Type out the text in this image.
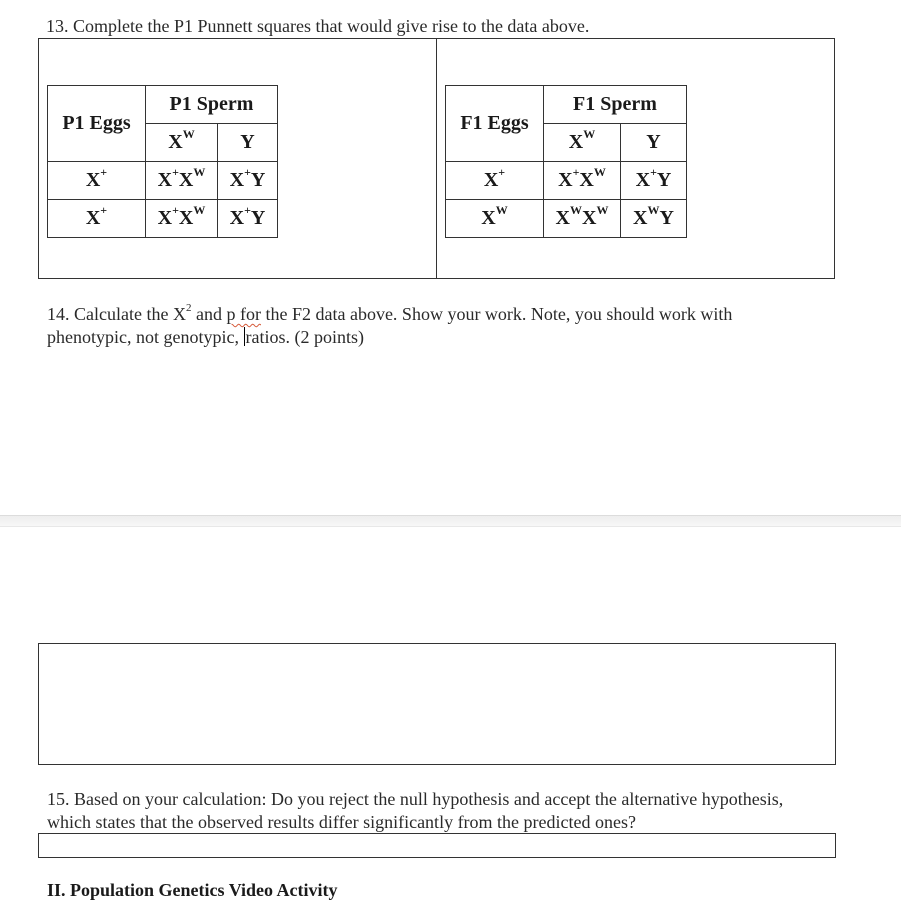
13. Complete the P1 Punnett squares that would give rise to the data above.
P1 Eggs	P1 Sperm	
	$X^W$	Y
X+	$X^+X^W$	X+Y
X+	$X^+X^W$	X+Y
F1 Eggs	F1 Sperm	
	$X^W$	Y
X+	$X^+X^W$	X+Y
$X^W$	$X^WX^W$	$X^WY$
14. Calculate the $X^2$ and p for the F2 data above. Show your work. Note, you should work with
phenotypic, not genotypic, ratios. (2 points)
15. Based on your calculation: Do you reject the null hypothesis and accept the alternative hypothesis,
which states that the observed results differ significantly from the predicted ones?
II. Population Genetics Video Activity
